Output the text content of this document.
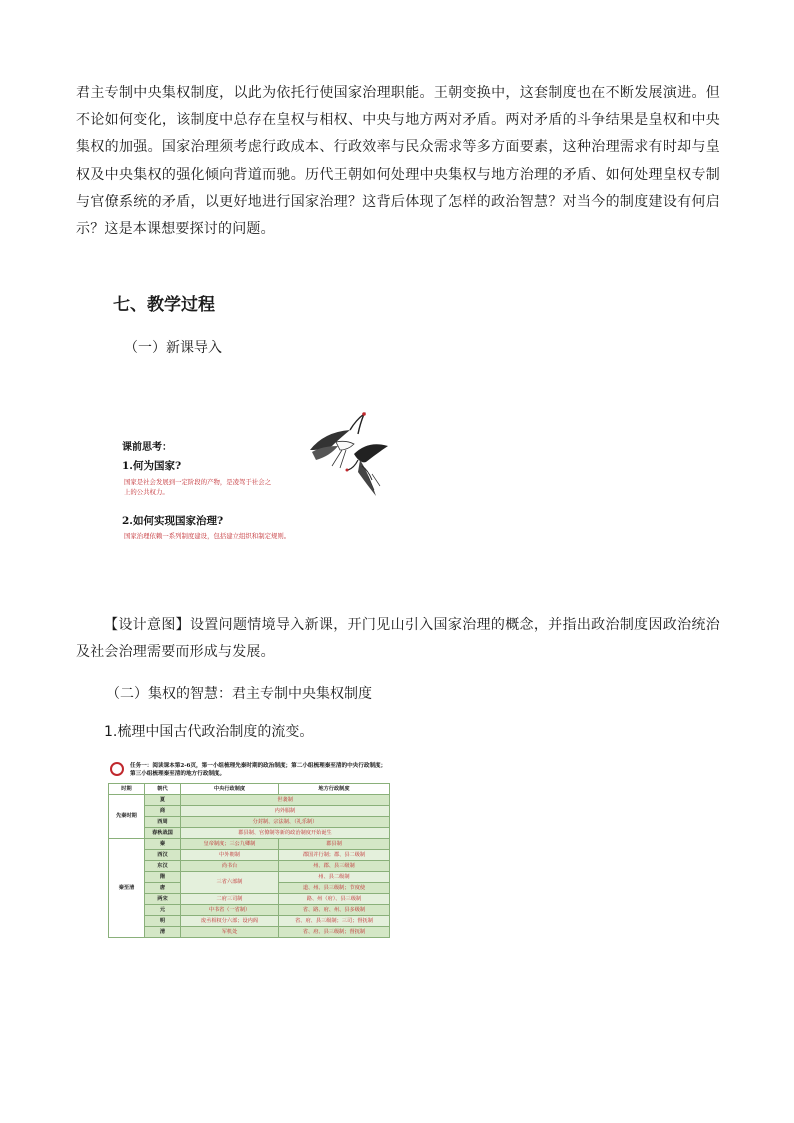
君主专制中央集权制度，以此为依托行使国家治理职能。王朝变换中，这套制度也在不断发展演进。但不论如何变化，该制度中总存在皇权与相权、中央与地方两对矛盾。两对矛盾的斗争结果是皇权和中央集权的加强。国家治理须考虑行政成本、行政效率与民众需求等多方面要素，这种治理需求有时却与皇权及中央集权的强化倾向背道而驰。历代王朝如何处理中央集权与地方治理的矛盾、如何处理皇权专制与官僚系统的矛盾，以更好地进行国家治理？这背后体现了怎样的政治智慧？对当今的制度建设有何启示？这是本课想要探讨的问题。

七、教学过程

（一）新课导入

课前思考：
1.何为国家?
国家是社会发展到一定阶段的产物，是凌驾于社会之上的公共权力。
2.如何实现国家治理?
国家治理依赖一系列制度建设，包括建立组织和制定规则。

【设计意图】设置问题情境导入新课，开门见山引入国家治理的概念，并指出政治制度因政治统治及社会治理需要而形成与发展。

（二）集权的智慧：君主专制中央集权制度

1.梳理中国古代政治制度的流变。

任务一：阅读课本第2-6页，第一小组梳理先秦时期的政治制度；第二小组梳理秦至清的中央行政制度；第三小组梳理秦至清的地方行政制度。
时期	朝代	中央行政制度	地方行政制度
先秦时期	夏	世袭制	
	商	内外服制	
	西周	分封制、宗法制、（礼乐制）	
	春秋战国	郡县制、官僚制等新的政治制度开始诞生	
秦至清	秦	皇帝制度；三公九卿制	郡县制
	西汉	中外朝制	郡国并行制；郡、县二级制
	东汉	尚书台	州、郡、县三级制
	隋	三省六部制	州、县二级制
	唐		道、州、县三级制；节度使
	两宋	二府三司制	路、州（府）、县三级制
	元	中书省（一省制）	省、路、府、州、县多级制
	明	废丞相权分六部；设内阁	省、府、县三级制；三司；督抚制
	清	军机处	省、府、县三级制；督抚制
